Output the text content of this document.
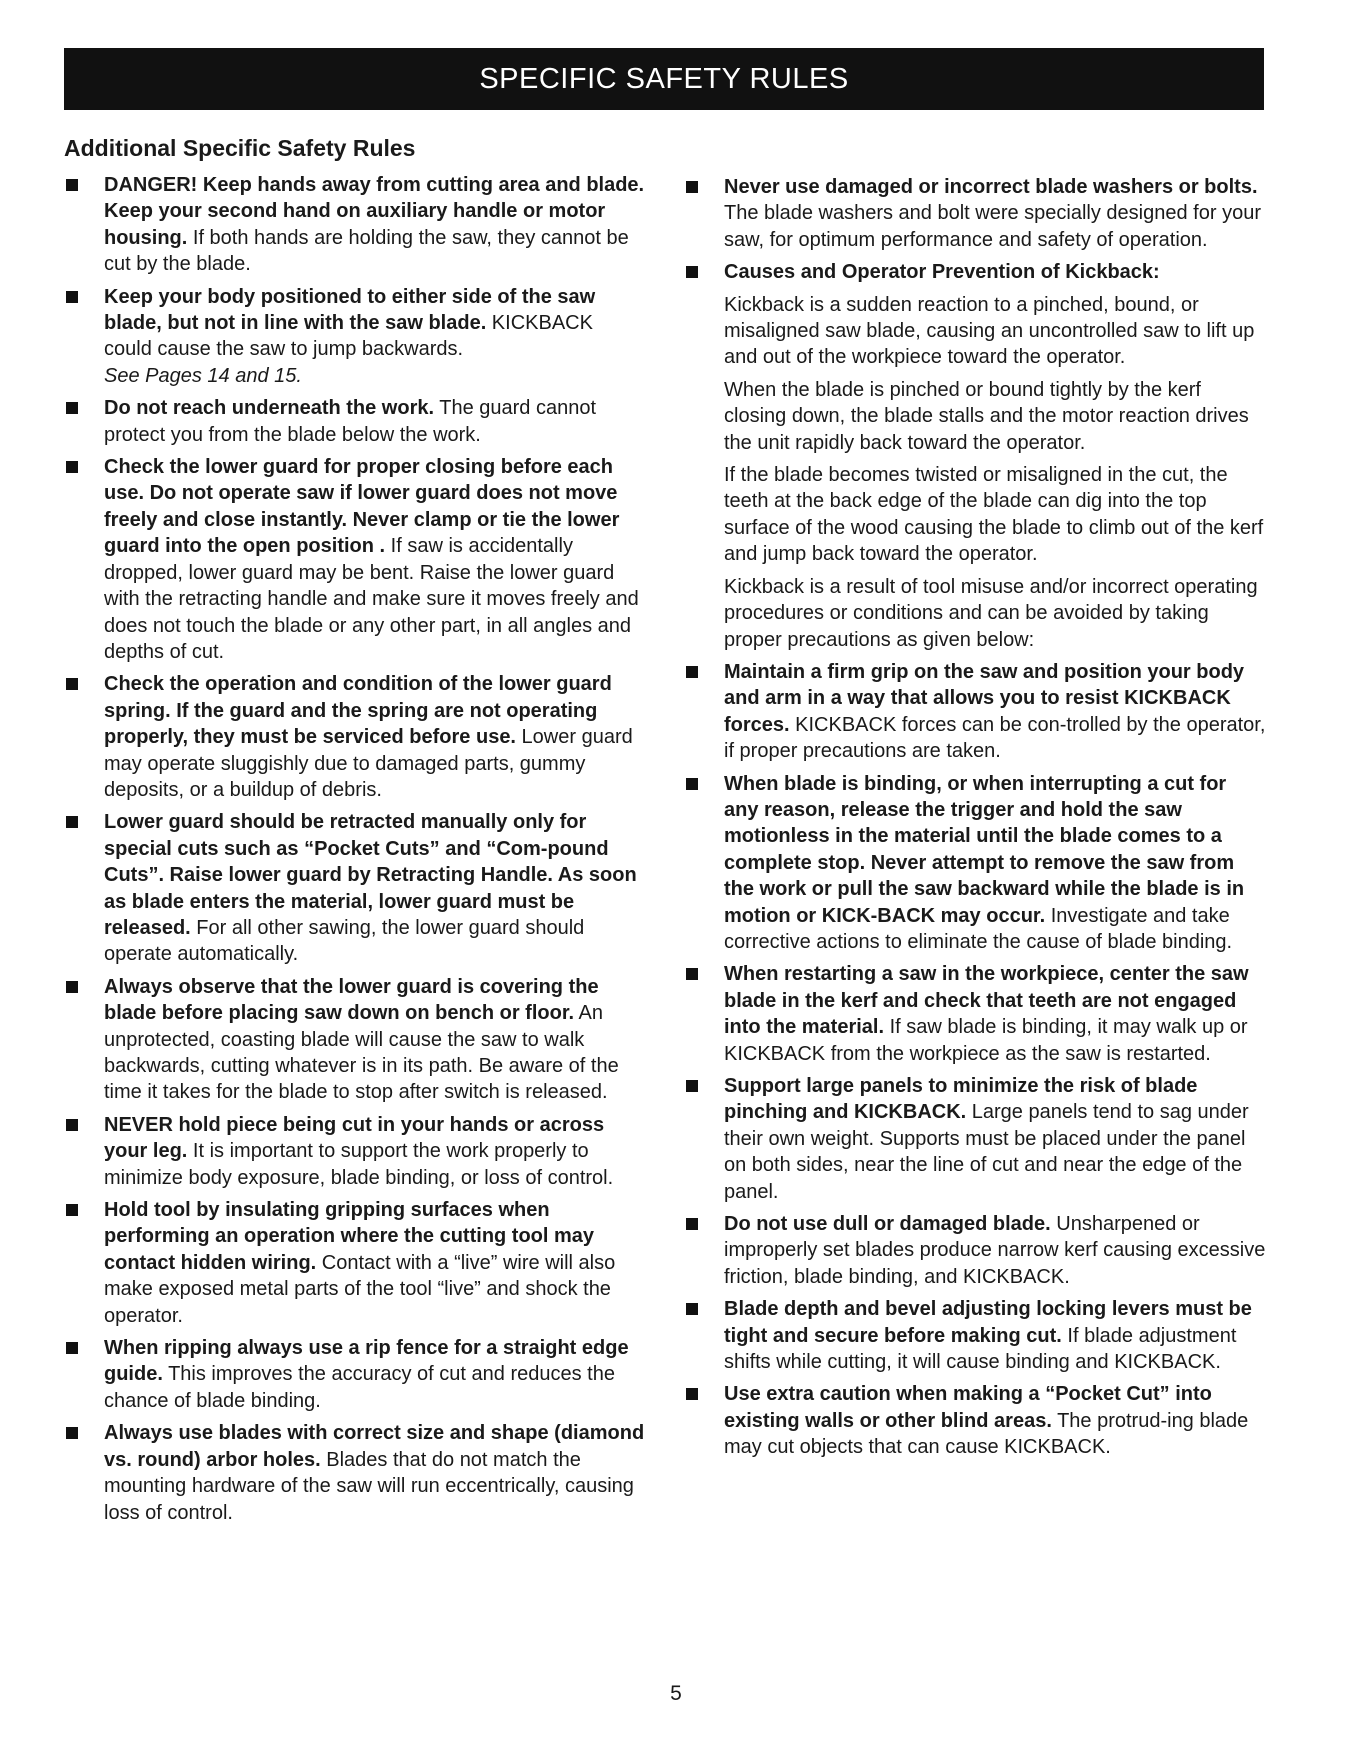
SPECIFIC SAFETY RULES
Additional Specific Safety Rules
DANGER! Keep hands away from cutting area and blade. Keep your second hand on auxiliary handle or motor housing. If both hands are holding the saw, they cannot be cut by the blade.
Keep your body positioned to either side of the saw blade, but not in line with the saw blade. KICKBACK could cause the saw to jump backwards.
See Pages 14 and 15.
Do not reach underneath the work. The guard cannot protect you from the blade below the work.
Check the lower guard for proper closing before each use. Do not operate saw if lower guard does not move freely and close instantly. Never clamp or tie the lower guard into the open position . If saw is accidentally dropped, lower guard may be bent. Raise the lower guard with the retracting handle and make sure it moves freely and does not touch the blade or any other part, in all angles and depths of cut.
Check the operation and condition of the lower guard spring. If the guard and the spring are not operating properly, they must be serviced before use. Lower guard may operate sluggishly due to damaged parts, gummy deposits, or a buildup of debris.
Lower guard should be retracted manually only for special cuts such as “Pocket Cuts” and “Com-pound Cuts”. Raise lower guard by Retracting Handle. As soon as blade enters the material, lower guard must be released. For all other sawing, the lower guard should operate automatically.
Always observe that the lower guard is covering the blade before placing saw down on bench or floor. An unprotected, coasting blade will cause the saw to walk backwards, cutting whatever is in its path. Be aware of the time it takes for the blade to stop after switch is released.
NEVER hold piece being cut in your hands or across your leg. It is important to support the work properly to minimize body exposure, blade binding, or loss of control.
Hold tool by insulating gripping surfaces when performing an operation where the cutting tool may contact hidden wiring. Contact with a “live” wire will also make exposed metal parts of the tool “live” and shock the operator.
When ripping always use a rip fence for a straight edge guide. This improves the accuracy of cut and reduces the chance of blade binding.
Always use blades with correct size and shape (diamond vs. round) arbor holes. Blades that do not match the mounting hardware of the saw will run eccentrically, causing loss of control.
Never use damaged or incorrect blade washers or bolts. The blade washers and bolt were specially designed for your saw, for optimum performance and safety of operation.
Causes and Operator Prevention of Kickback:

Kickback is a sudden reaction to a pinched, bound, or misaligned saw blade, causing an uncontrolled saw to lift up and out of the workpiece toward the operator.

When the blade is pinched or bound tightly by the kerf closing down, the blade stalls and the motor reaction drives the unit rapidly back toward the operator.

If the blade becomes twisted or misaligned in the cut, the teeth at the back edge of the blade can dig into the top surface of the wood causing the blade to climb out of the kerf and jump back toward the operator.

Kickback is a result of tool misuse and/or incorrect operating procedures or conditions and can be avoided by taking proper precautions as given below:

Maintain a firm grip on the saw and position your body and arm in a way that allows you to resist KICKBACK forces. KICKBACK forces can be con-trolled by the operator, if proper precautions are taken.
When blade is binding, or when interrupting a cut for any reason, release the trigger and hold the saw motionless in the material until the blade comes to a complete stop. Never attempt to remove the saw from the work or pull the saw backward while the blade is in motion or KICK-BACK may occur. Investigate and take corrective actions to eliminate the cause of blade binding.
When restarting a saw in the workpiece, center the saw blade in the kerf and check that teeth are not engaged into the material. If saw blade is binding, it may walk up or KICKBACK from the workpiece as the saw is restarted.
Support large panels to minimize the risk of blade pinching and KICKBACK. Large panels tend to sag under their own weight. Supports must be placed under the panel on both sides, near the line of cut and near the edge of the panel.
Do not use dull or damaged blade. Unsharpened or improperly set blades produce narrow kerf causing excessive friction, blade binding, and KICKBACK.
Blade depth and bevel adjusting locking levers must be tight and secure before making cut. If blade adjustment shifts while cutting, it will cause binding and KICKBACK.
Use extra caution when making a “Pocket Cut” into existing walls or other blind areas. The protrud-ing blade may cut objects that can cause KICKBACK.
5
